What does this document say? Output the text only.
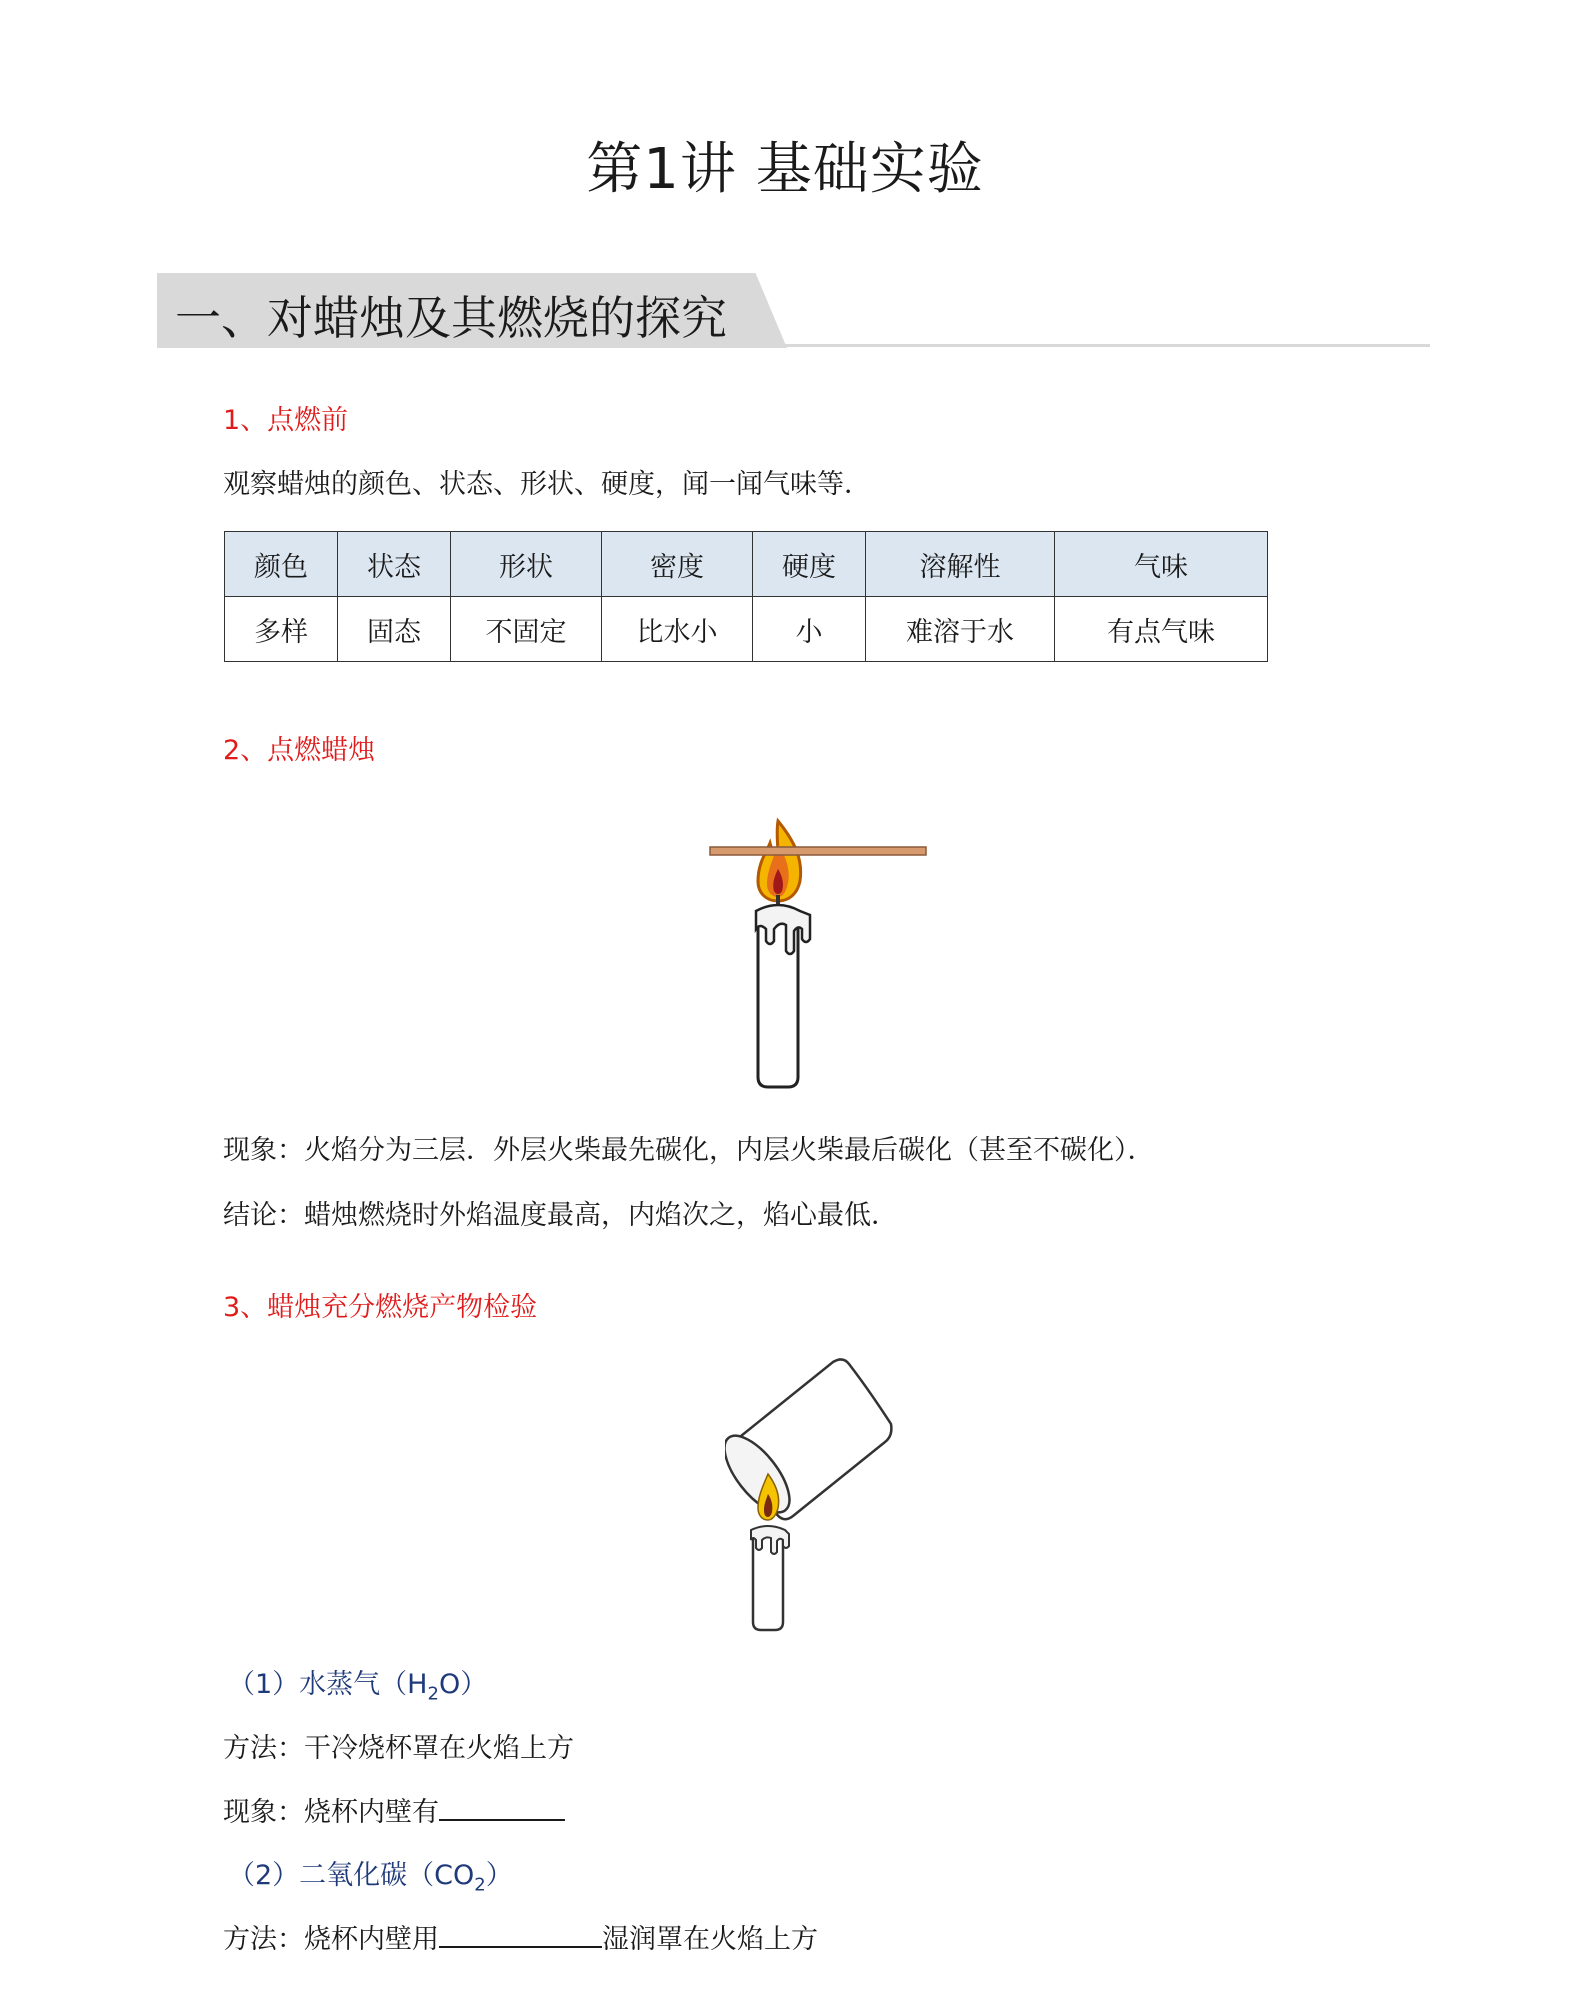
第1讲 基础实验
一、对蜡烛及其燃烧的探究
1、点燃前
观察蜡烛的颜色、状态、形状、硬度，闻一闻气味等．
颜色	状态	形状	密度	硬度	溶解性	气味
多样	固态	不固定	比水小	小	难溶于水	有点气味
2、点燃蜡烛
现象：火焰分为三层．外层火柴最先碳化，内层火柴最后碳化（甚至不碳化）．
结论：蜡烛燃烧时外焰温度最高，内焰次之，焰心最低．
3、蜡烛充分燃烧产物检验
（1）水蒸气$(H_2O)$
方法：干冷烧杯罩在火焰上方
现象：烧杯内壁有
（2）二氧化碳$(CO_2)$
方法：烧杯内壁用	湿润罩在火焰上方
